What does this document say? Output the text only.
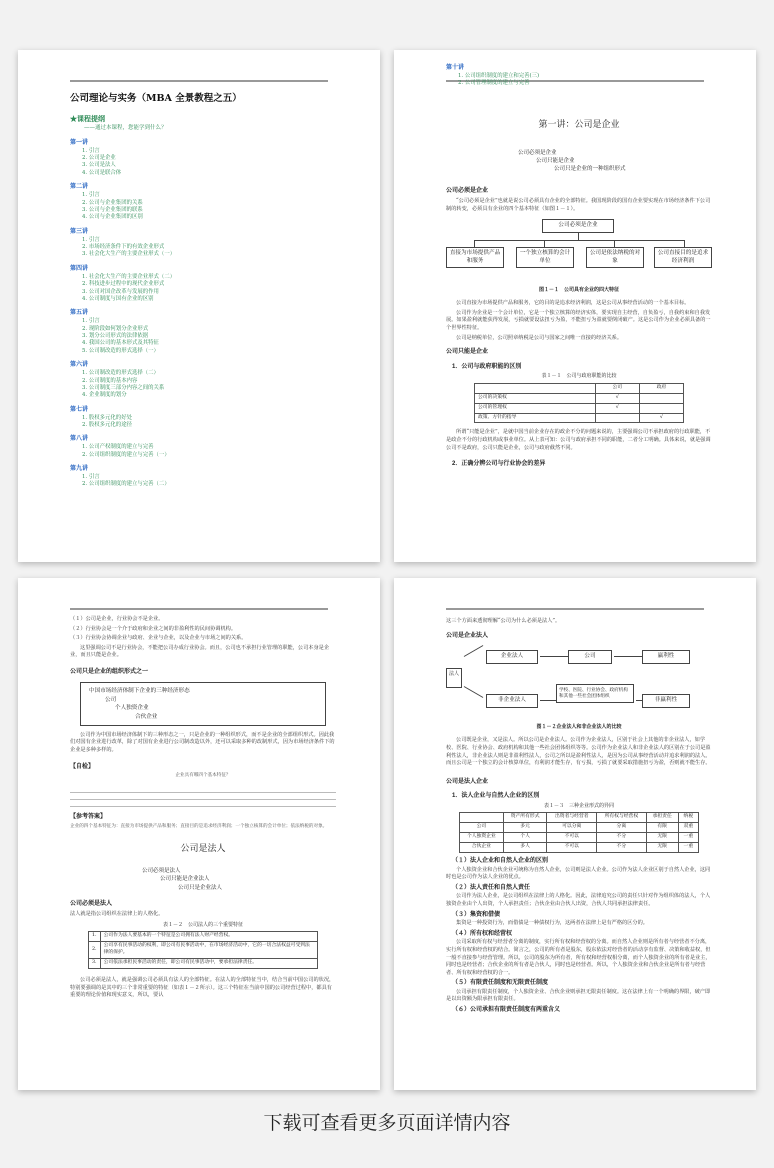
公司理论与实务（MBA 全景教程之五）
★课程提纲
——通过本课程，您能学到什么？
第一讲
1. 引言
2. 公司是企业
3. 公司是法人
4. 公司是联合体
第二讲
1. 引言
2. 公司与企业集团的关系
3. 公司与企业集团的联系
4. 公司与企业集团的区别
第三讲
1. 引言
2. 市场经济条件下的有效企业形式
3. 社会化大生产的主要企业形式（一）
第四讲
1. 社会化大生产的主要企业形式（二）
2. 科技进步过程中的现代企业形式
3. 公司对国企改革与发展的作用
4. 公司制度与国有企业的区别
第五讲
1. 引言
2. 现阶段如何划分企业形式
3. 划分公司形式的法律依据
4. 我国公司的基本形式及其特征
5. 公司制改造的形式选择（一）
第六讲
1. 公司制改造的形式选择（二）
2. 公司制度的基本内容
3. 公司制度三部分内容之间的关系
4. 企业制度的划分
第七讲
1. 股权多元化的好处
2. 股权多元化的途径
第八讲
1. 公司产权制度的建立与完善
2. 公司组织制度的建立与完善（一）
第九讲
1. 引言
2. 公司组织制度的建立与完善（二）
第十讲
1. 公司组织制度的建立和完善(三)
2. 公司管理制度的建立与完善
第一讲：公司是企业
公司必须是企业
公司只能是企业
公司只是企业的一种组织形式
公司必须是企业
“公司必须是企业”也就是说公司必须具有企业的全部特征。我国现阶段的国有企业要实现在市场经济条件下公司制的转变，必须具有企业的四个基本特征（如图１－１）。
公司必须是企业
直接为市场提供产品和服务
一个独立核算的会计单位
公司是依法纳税的对象
公司直接目的是追求经济利润
图１－１　公司具有企业的四大特征
公司直接为市场提供产品和服务，它的目的是追求经济利润，这是公司从事经营活动的一个基本目标。
公司作为企业是一个会计单位，它是一个独立核算的经济实体，要实现自主经营，自负盈亏，自我约束和自我发展。如果盈利就能获得发展，亏损就要设法扭亏为盈，不能扭亏为盈就要倒闭破产。这是公司作为企业必须具备的一个世界性特征。
公司是纳税单位，公司照章纳税是公司与国家之间唯一直接的经济关系。
公司只能是企业
1．公司与政府职能的区别
表１－１　公司与政府职能的比较
	公司	政府
公司的决策权	√	
公司的管理权	√	
政策、方针的指导		√
所谓“只能是企业”，是就中国当前企业存在的政企不分的问题来说的，主要强调公司不承担政府的行政职能，不是政企不分的行政机构或事业单位。从上表可知：公司与政府承担不同的职能，二者分工明确。具体来说，就是强调公司不是政府，公司只能是企业，公司与政府截然不同。
2．正确分辨公司与行业协会的差异
（１）公司是企业，行业协会不是企业。
（２）行业协会是一个介于政府和企业之间的非盈利性的民间协调机构。
（３）行业协会协调企业与政府、企业与企业，以及企业与市场之间的关系。
这里强调公司不是行业协会，不能把公司办成行业协会。而且，公司也不承担行业管理的职能，公司本身是企业，而且只能是企业。
公司只是企业的组织形式之一
中国市场经济体制下企业的三种经济形态
公司
个人独资企业
合伙企业
公司作为中国市场经济体制下的三种形态之一，只是企业的一种组织形式，而不是企业的全部组织形式。因此我们对国有企业进行改革，除了对国有企业进行公司制改造以外，还可以采取多种的改制形式，因为市场经济条件下的企业是多种多样的。
【自检】
企业具有哪四个基本特征？
【参考答案】
企业的四个基本特征为：直接为市场提供产品和服务；直接目的是追求经济利润；一个独立核算的会计单位；依法纳税的对象。
公司是法人
公司必须是法人
公司只能是企业法人
公司只是企业法人
公司必须是法人
法人就是指公司组织在法律上的人格化。
表１－２　公司法人的三个重要特征
1.	公司作为法人要基本的一个特征是公司拥有法人财产经营权。
2.	公司享有民事活动的权利，即公司有民事活动中，在市场经济活动中，它的一切合法权益可受到法律的保护。
3.	公司依法承担民事活动的责任，即公司有民事活动中，要承担法律责任。
公司必须是法人，就是强调公司必须具有法人的全部特征。在法人的全部特征当中，结合当前中国公司的状况，特别要强调的是其中的三个非常重要的特征（如表１－２所示）。这三个特征在当前中国的公司经营过程中，都具有重要的理论价值和现实意义，所以，要认
这三个方面来透彻理解“公司为什么必须是法人”。
公司是企业法人
法人
企业法人	公司	赢利性
非企业法人
学校、医院、行业协会、政府机构和其他一些社会团体组织
非赢利性
图１－２企业法人和非企业法人的比较
公司既是企业，又是法人。所以公司是企业法人。公司作为企业法人，区别于社会上其他的非企业法人，如学校、医院、行业协会、政府机构和其他一些社会团体组织等等。公司作为企业法人和非企业法人的区别在于公司是盈利性法人，非企业法人则是非盈利性法人，公司之所以是盈利性法人，是因为公司从事经营活动并追求利润的法人。而且公司是一个独立的会计核算单位，有利润才能生存，有亏损，亏损了就要采取措施扭亏为盈，否则就不能生存。
公司是法人企业
1．法人企业与自然人企业的区别
表１－３　三种企业形式的异同
	资产所有形式	出资者与经营者	所有权与经营权	承担责任	纳税
公司	多元	可以分离	分离	有限	双重
个人独资企业	个人	不可以	不分	无限	一重
合伙企业	多人	不可以	不分	无限	一重
（１）法人企业和自然人企业的区别
个人独资企业和合伙企业可统称为自然人企业，公司则是法人企业。公司作为法人企业区别于自然人企业，这同时也是公司作为法人企业的优点。
（２）法人责任和自然人责任
公司作为法人企业，是公司组织在法律上的人格化。因此，法律追究公司的责任只针对作为组织体的法人，个人独资企业由个人出资，个人承担责任；合伙企业由合伙人出资，合伙人共同承担法律责任。
（３）集资和借债
集资是一种投资行为，而借债是一种债权行为，这两者在法律上是有严格的区分的。
（４）所有权和经营权
公司采取所有权与经营者分离的制度，实行所有权和经营权的分离。而自然人企业则是所有者与经营者不分离，实行所有权和经营权的结合。简言之，公司的所有者是股东，股东依法对经营者的活动享有监督、决策和收益权，但一般不直接参与经营管理。所以，公司的股东为所有者，所有权和经营权相分离，而个人独资企业的所有者是业主，同时也是经营者；合伙企业的所有者是合伙人，同时也是经营者。所以，个人独资企业和合伙企业是所有者与经营者、所有权和经营权的合一。
（５）有限责任制度和无限责任制度
公司承担有限责任制度，个人独资企业、合伙企业则承担无限责任制度。这在法律上有一个明确的界限，破产即是以出资额为限承担有限责任。
（６）公司承担有限责任制度有两重含义
下载可查看更多页面详情内容
